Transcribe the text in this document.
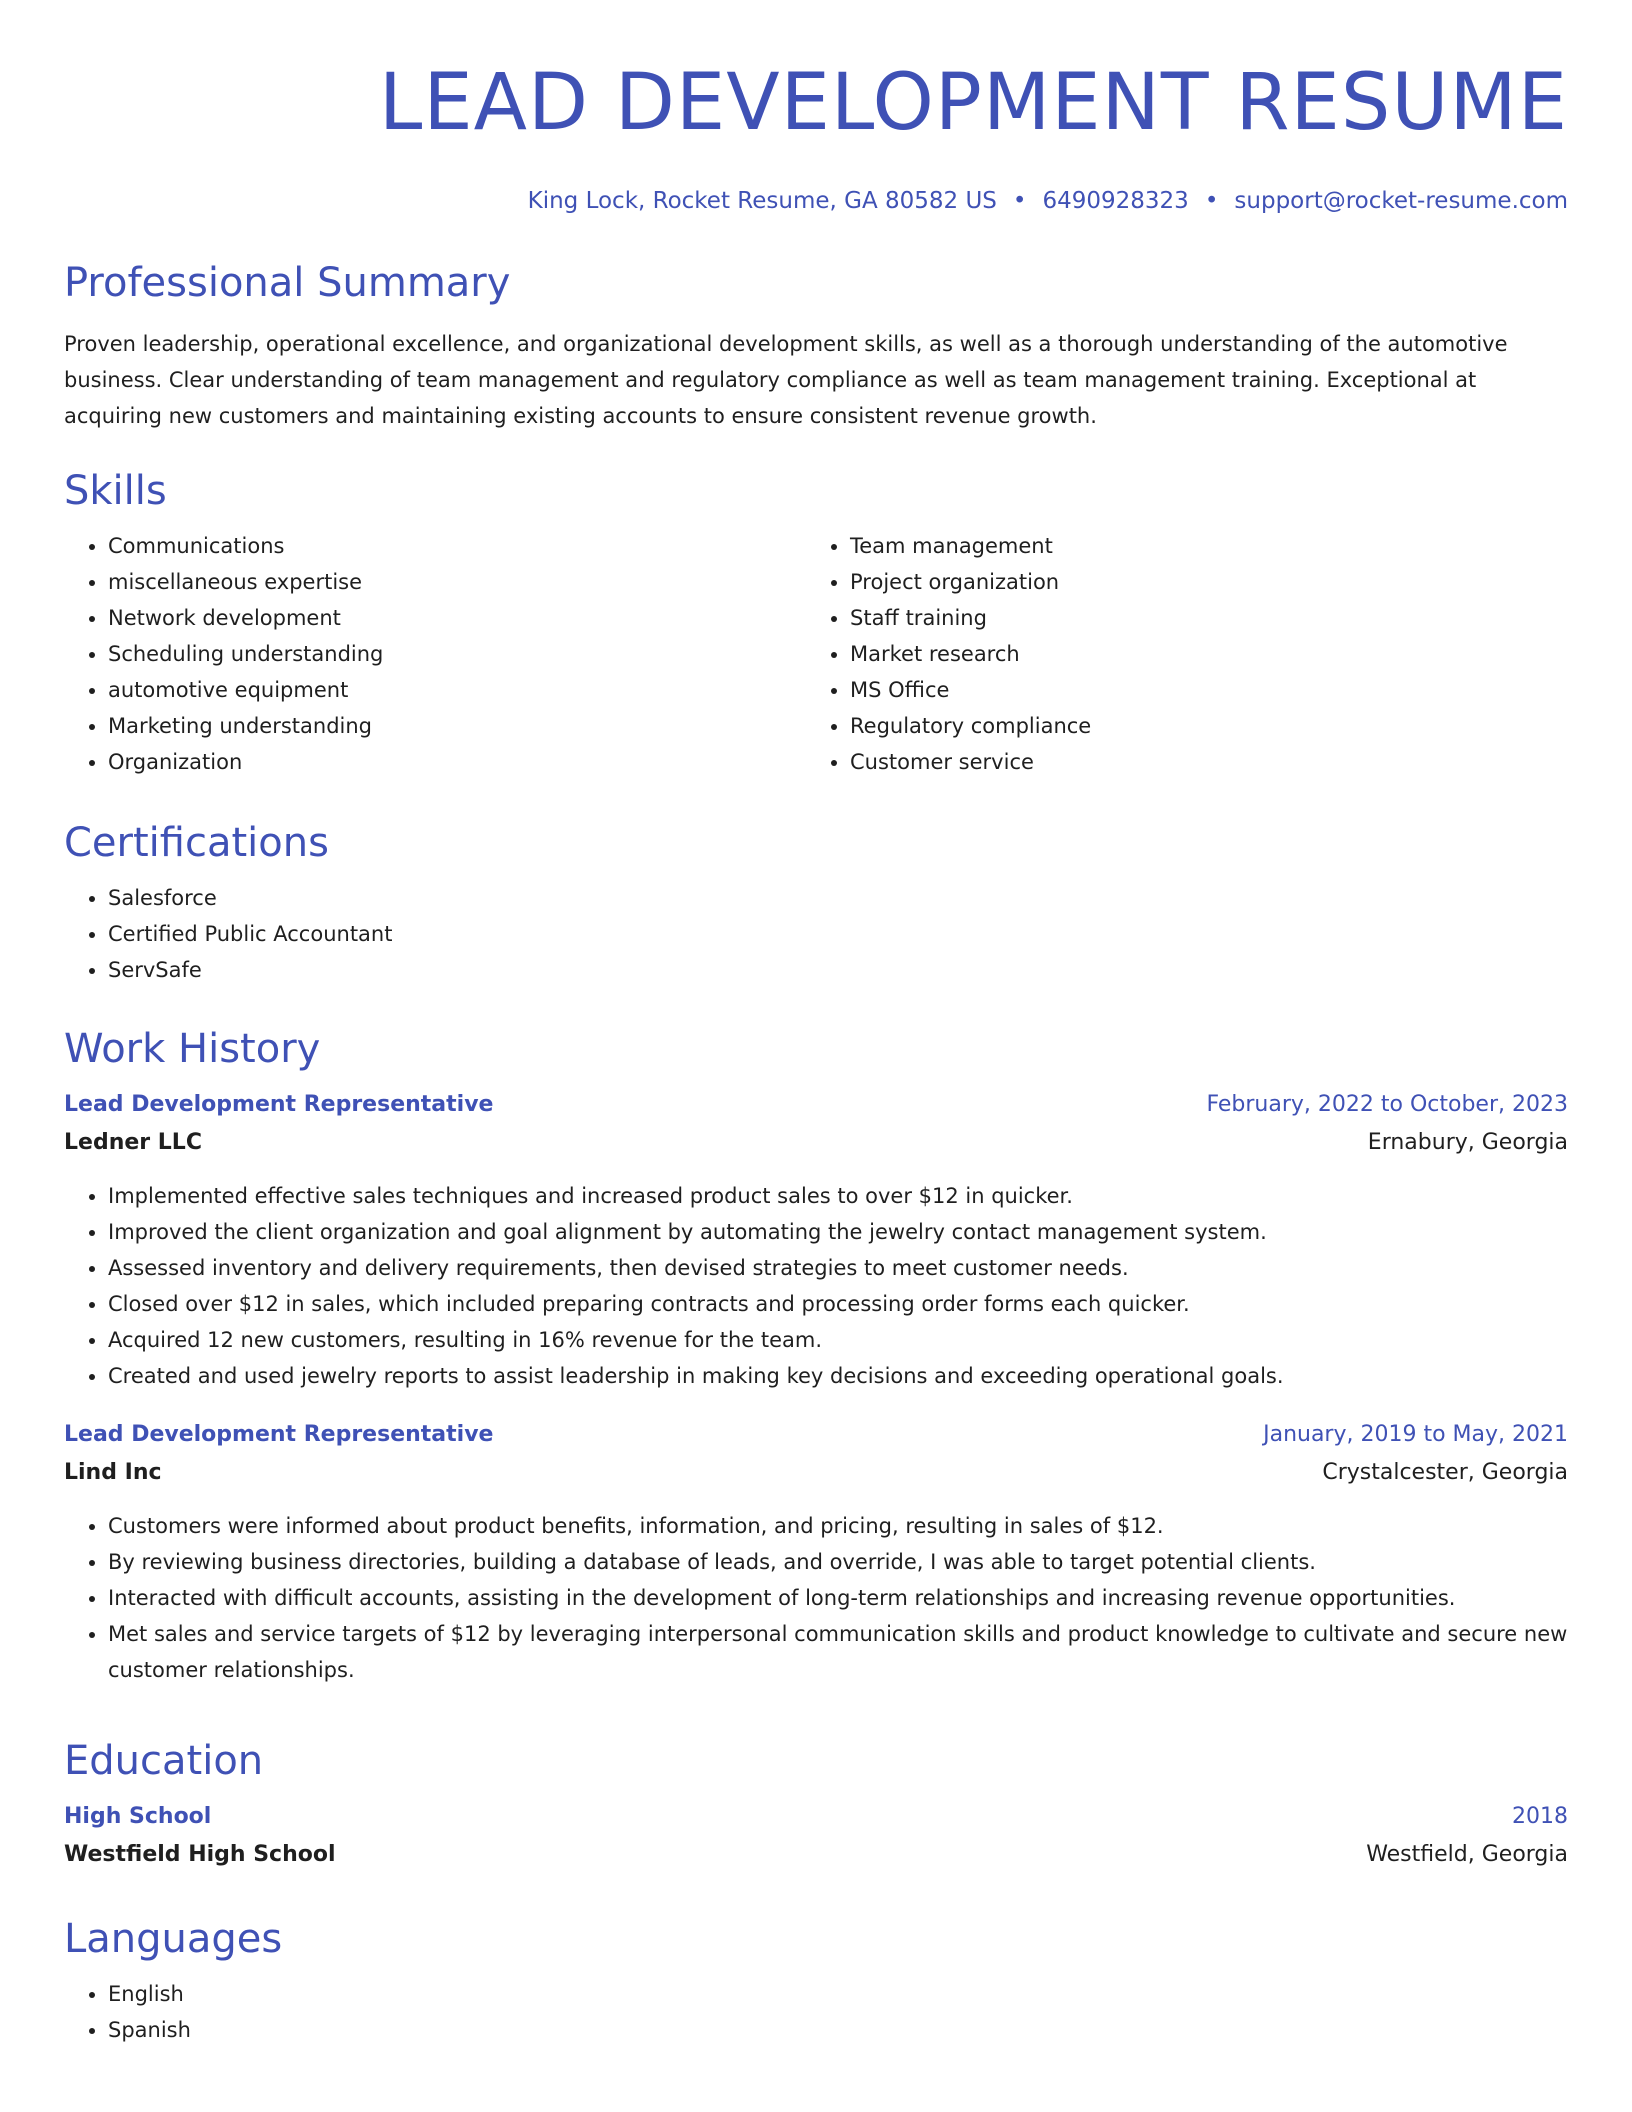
LEAD DEVELOPMENT RESUME
King Lock, Rocket Resume, GA 80582 US • 6490928323 • support@rocket-resume.com
Professional Summary

Proven leadership, operational excellence, and organizational development skills, as well as a thorough understanding of the automotive business. Clear understanding of team management and regulatory compliance as well as team management training. Exceptional at acquiring new customers and maintaining existing accounts to ensure consistent revenue growth.

Skills
• Communications
• miscellaneous expertise
• Network development
• Scheduling understanding
• automotive equipment
• Marketing understanding
• Organization
• Team management
• Project organization
• Staff training
• Market research
• MS Office
• Regulatory compliance
• Customer service
Certifications
• Salesforce
• Certified Public Accountant
• ServSafe
Work History
Lead Development Representative	February, 2022 to October, 2023
Ledner LLC	Ernabury, Georgia
• Implemented effective sales techniques and increased product sales to over $12 in quicker.
• Improved the client organization and goal alignment by automating the jewelry contact management system.
• Assessed inventory and delivery requirements, then devised strategies to meet customer needs.
• Closed over $12 in sales, which included preparing contracts and processing order forms each quicker.
• Acquired 12 new customers, resulting in 16% revenue for the team.
• Created and used jewelry reports to assist leadership in making key decisions and exceeding operational goals.
Lead Development Representative	January, 2019 to May, 2021
Lind Inc	Crystalcester, Georgia
• Customers were informed about product benefits, information, and pricing, resulting in sales of $12.
• By reviewing business directories, building a database of leads, and override, I was able to target potential clients.
• Interacted with difficult accounts, assisting in the development of long-term relationships and increasing revenue opportunities.
• Met sales and service targets of $12 by leveraging interpersonal communication skills and product knowledge to cultivate and secure new customer relationships.
Education
High School	2018
Westfield High School	Westfield, Georgia
Languages
• English
• Spanish
